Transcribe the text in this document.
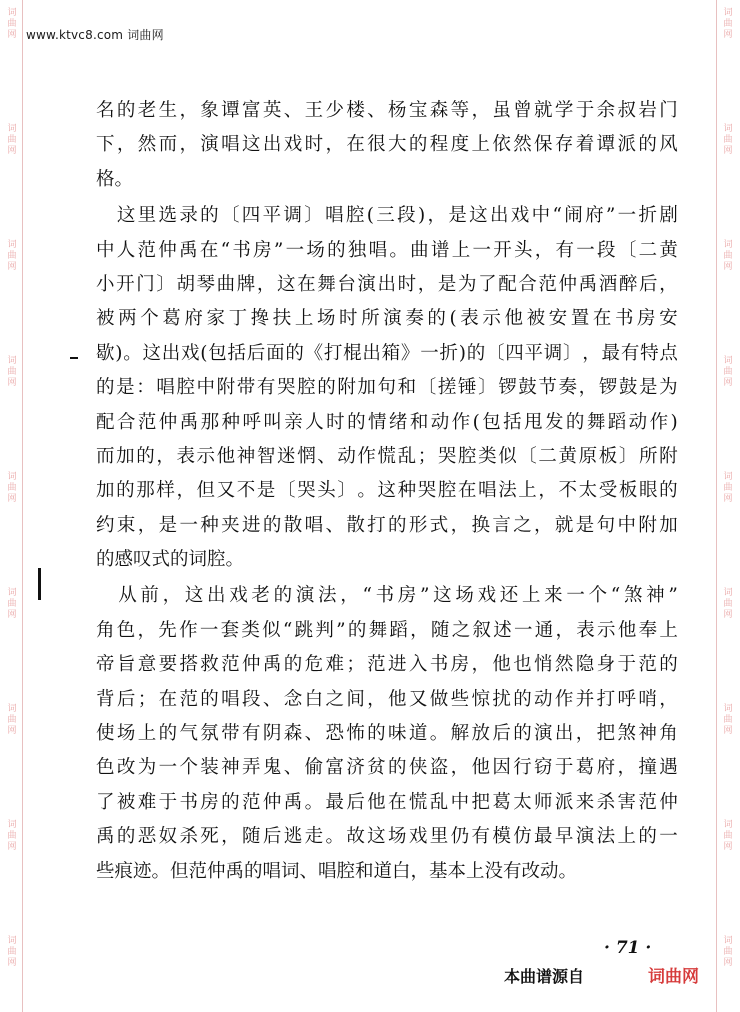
词
曲
网
词
曲
网
词
曲
网
词
曲
网
词
曲
网
词
曲
网
词
曲
网
词
曲
网
词
曲
网
词
曲
网
词
曲
网
词
曲
网
词
曲
网
词
曲
网
词
曲
网
词
曲
网
词
曲
网
词
曲
网
www.ktvc8.com 词曲网
名 的 老 生 ， 象 谭 富 英 、 王 少 楼 、 杨 宝 森 等 ， 虽 曾 就 学 于 余 叔 岩 门
下 ， 然 而 ， 演 唱 这 出 戏 时 ， 在 很 大 的 程 度 上 依 然 保 存 着 谭 派 的 风
格。

这 里 选 录 的 〔 四 平 调 〕 唱 腔 ( 三 段 ) ， 是 这 出 戏 中 “ 闹 府 ” 一 折 剧
中 人 范 仲 禹 在 “ 书 房 ” 一 场 的 独 唱 。 曲 谱 上 一 开 头 ， 有 一 段 〔 二 黄
小 开 门 〕 胡 琴 曲 牌 ， 这 在 舞 台 演 出 时 ， 是 为 了 配 合 范 仲 禹 酒 醉 后 ，
被 两 个 葛 府 家 丁 搀 扶 上 场 时 所 演 奏 的 ( 表 示 他 被 安 置 在 书 房 安
歇 ) 。 这 出 戏 ( 包 括 后 面 的 《 打 棍 出 箱 》 一 折 ) 的 〔 四 平 调 〕 ， 最 有 特 点
的 是 ： 唱 腔 中 附 带 有 哭 腔 的 附 加 句 和 〔 搓 锤 〕 锣 鼓 节 奏 ， 锣 鼓 是 为
配 合 范 仲 禹 那 种 呼 叫 亲 人 时 的 情 绪 和 动 作 ( 包 括 甩 发 的 舞 蹈 动 作 )
而 加 的 ， 表 示 他 神 智 迷 惘 、 动 作 慌 乱 ； 哭 腔 类 似 〔 二 黄 原 板 〕 所 附
加 的 那 样 ， 但 又 不 是 〔 哭 头 〕 。 这 种 哭 腔 在 唱 法 上 ， 不 太 受 板 眼 的
约 束 ， 是 一 种 夹 进 的 散 唱 、 散 打 的 形 式 ， 换 言 之 ， 就 是 句 中 附 加
的感叹式的词腔。

从 前 ， 这 出 戏 老 的 演 法 ， “ 书 房 ” 这 场 戏 还 上 来 一 个 “ 煞 神 ”
角 色 ， 先 作 一 套 类 似 “ 跳 判 ” 的 舞 蹈 ， 随 之 叙 述 一 通 ， 表 示 他 奉 上
帝 旨 意 要 搭 救 范 仲 禹 的 危 难 ； 范 进 入 书 房 ， 他 也 悄 然 隐 身 于 范 的
背 后 ； 在 范 的 唱 段 、 念 白 之 间 ， 他 又 做 些 惊 扰 的 动 作 并 打 呼 哨 ，
使 场 上 的 气 氛 带 有 阴 森 、 恐 怖 的 味 道 。 解 放 后 的 演 出 ， 把 煞 神 角
色 改 为 一 个 装 神 弄 鬼 、 偷 富 济 贫 的 侠 盗 ， 他 因 行 窃 于 葛 府 ， 撞 遇
了 被 难 于 书 房 的 范 仲 禹 。 最 后 他 在 慌 乱 中 把 葛 太 师 派 来 杀 害 范 仲
禹 的 恶 奴 杀 死 ， 随 后 逃 走 。 故 这 场 戏 里 仍 有 模 仿 最 早 演 法 上 的 一
些痕迹。但范仲禹的唱词、唱腔和道白，基本上没有改动。
· 71 ·
本曲谱源自	词曲网
